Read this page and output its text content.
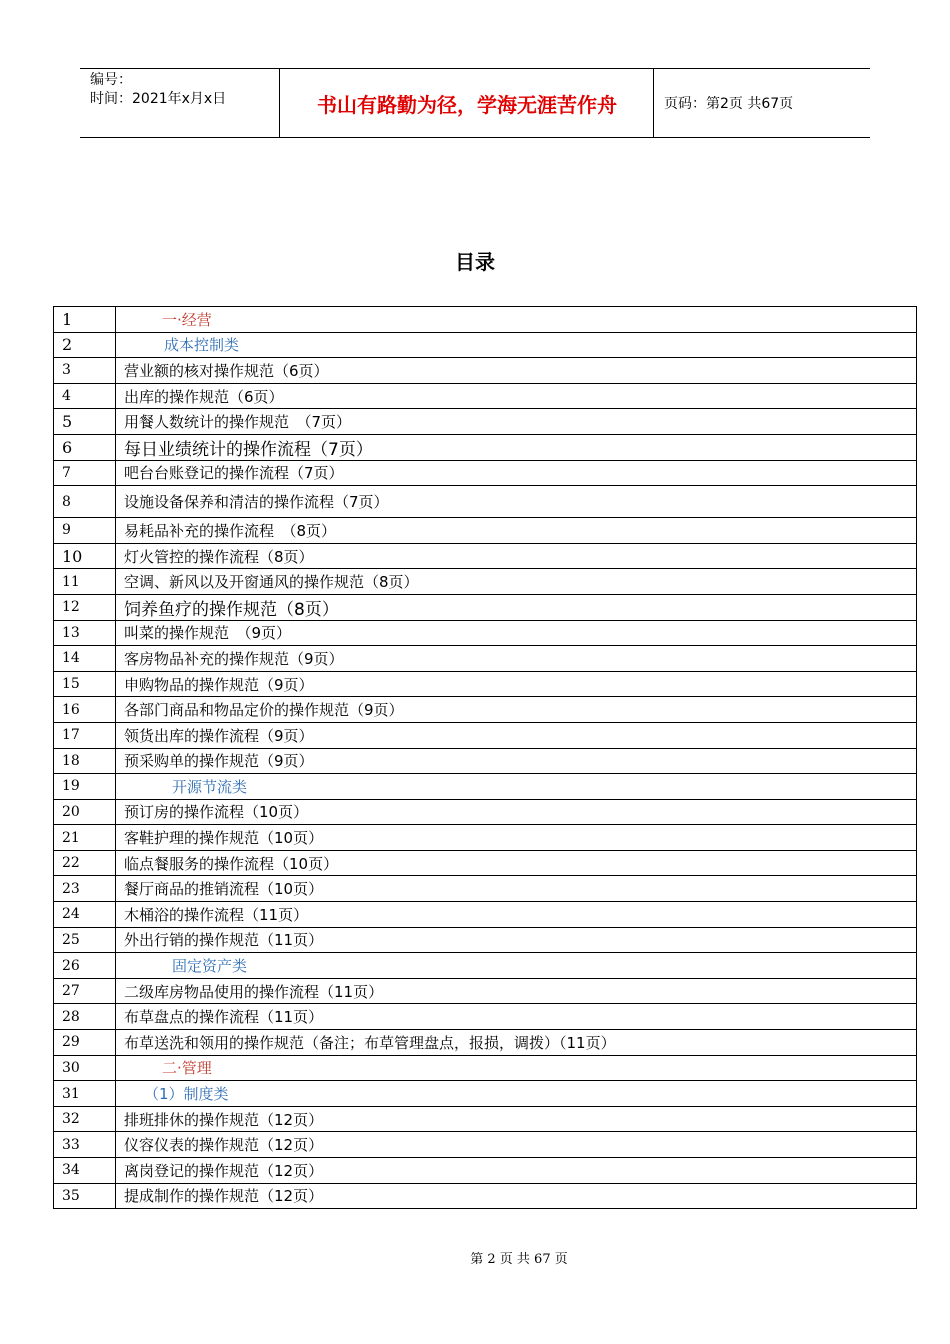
编号：
时间：2021年x月x日	书山有路勤为径，学海无涯苦作舟	页码：第2页 共67页
目录
1	一·经营
2	成本控制类
3	营业额的核对操作规范（6页）
4	出库的操作规范（6页）
5	用餐人数统计的操作规范　（7页）
6	每日业绩统计的操作流程（7页）
7	吧台台账登记的操作流程（7页）
8	设施设备保养和清洁的操作流程（7页）
9	易耗品补充的操作流程　（8页）
10	灯火管控的操作流程（8页）
11	空调、新风以及开窗通风的操作规范（8页）
12	饲养鱼疗的操作规范（8页）
13	叫菜的操作规范　（9页）
14	客房物品补充的操作规范（9页）
15	申购物品的操作规范（9页）
16	各部门商品和物品定价的操作规范（9页）
17	领货出库的操作流程（9页）
18	预采购单的操作规范（9页）
19	开源节流类
20	预订房的操作流程（10页）
21	客鞋护理的操作规范（10页）
22	临点餐服务的操作流程（10页）
23	餐厅商品的推销流程（10页）
24	木桶浴的操作流程（11页）
25	外出行销的操作规范（11页）
26	固定资产类
27	二级库房物品使用的操作流程（11页）
28	布草盘点的操作流程（11页）
29	布草送洗和领用的操作规范（备注；布草管理盘点，报损，调拨）（11页）
30	二·管理
31	（1）制度类
32	排班排休的操作规范（12页）
33	仪容仪表的操作规范（12页）
34	离岗登记的操作规范（12页）
35	提成制作的操作规范（12页）
第 2 页 共 67 页
